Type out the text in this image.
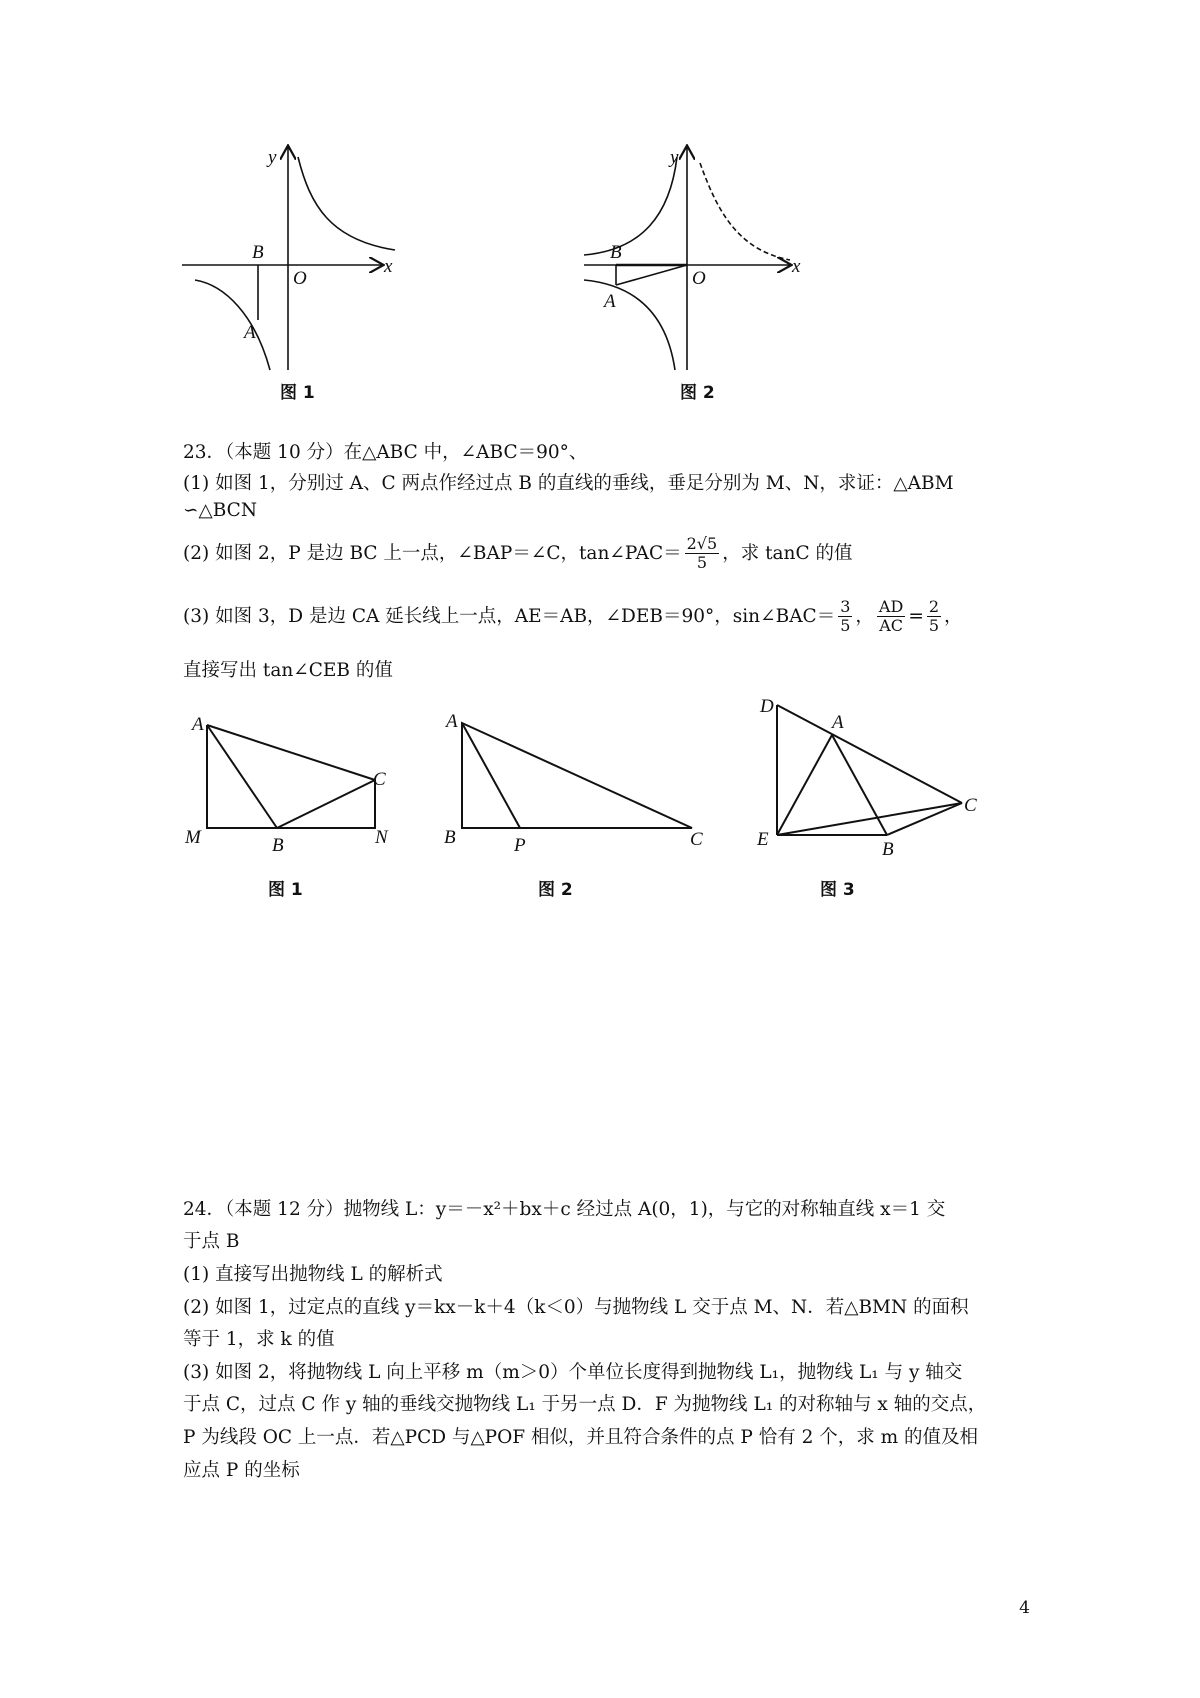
y
x
B
O
A
图 1
y
x
B
O
A
图 2
23．（本题 10 分）在△ABC 中，∠ABC＝90°、
(1) 如图 1，分别过 A、C 两点作经过点 B 的直线的垂线，垂足分别为 M、N，求证：△ABM
∽△BCN
(2) 如图 2，P 是边 BC 上一点，∠BAP＝∠C，tan∠PAC＝ $\frac{2√5}{5}$ ，求 tanC 的值
(3) 如图 3，D 是边 CA 延长线上一点，AE＝AB，∠DEB＝90°，sin∠BAC＝ $\frac{3}{5}$ ， $\frac{AD}{AC} = \frac{2}{5}$ ，
直接写出 tan∠CEB 的值
A
C
M	B	N
图 1
A
B	P	C
图 2
D
A
C
E	B
图 3
24．（本题 12 分）抛物线 L：y＝－x²＋bx＋c 经过点 A(0，1)，与它的对称轴直线 x＝1 交
于点 B
(1) 直接写出抛物线 L 的解析式
(2) 如图 1，过定点的直线 y＝kx－k＋4（k＜0）与抛物线 L 交于点 M、N．若△BMN 的面积
等于 1，求 k 的值
(3) 如图 2，将抛物线 L 向上平移 m（m＞0）个单位长度得到抛物线 L₁，抛物线 L₁ 与 y 轴交
于点 C，过点 C 作 y 轴的垂线交抛物线 L₁ 于另一点 D．F 为抛物线 L₁ 的对称轴与 x 轴的交点，
P 为线段 OC 上一点．若△PCD 与△POF 相似，并且符合条件的点 P 恰有 2 个，求 m 的值及相
应点 P 的坐标
4
